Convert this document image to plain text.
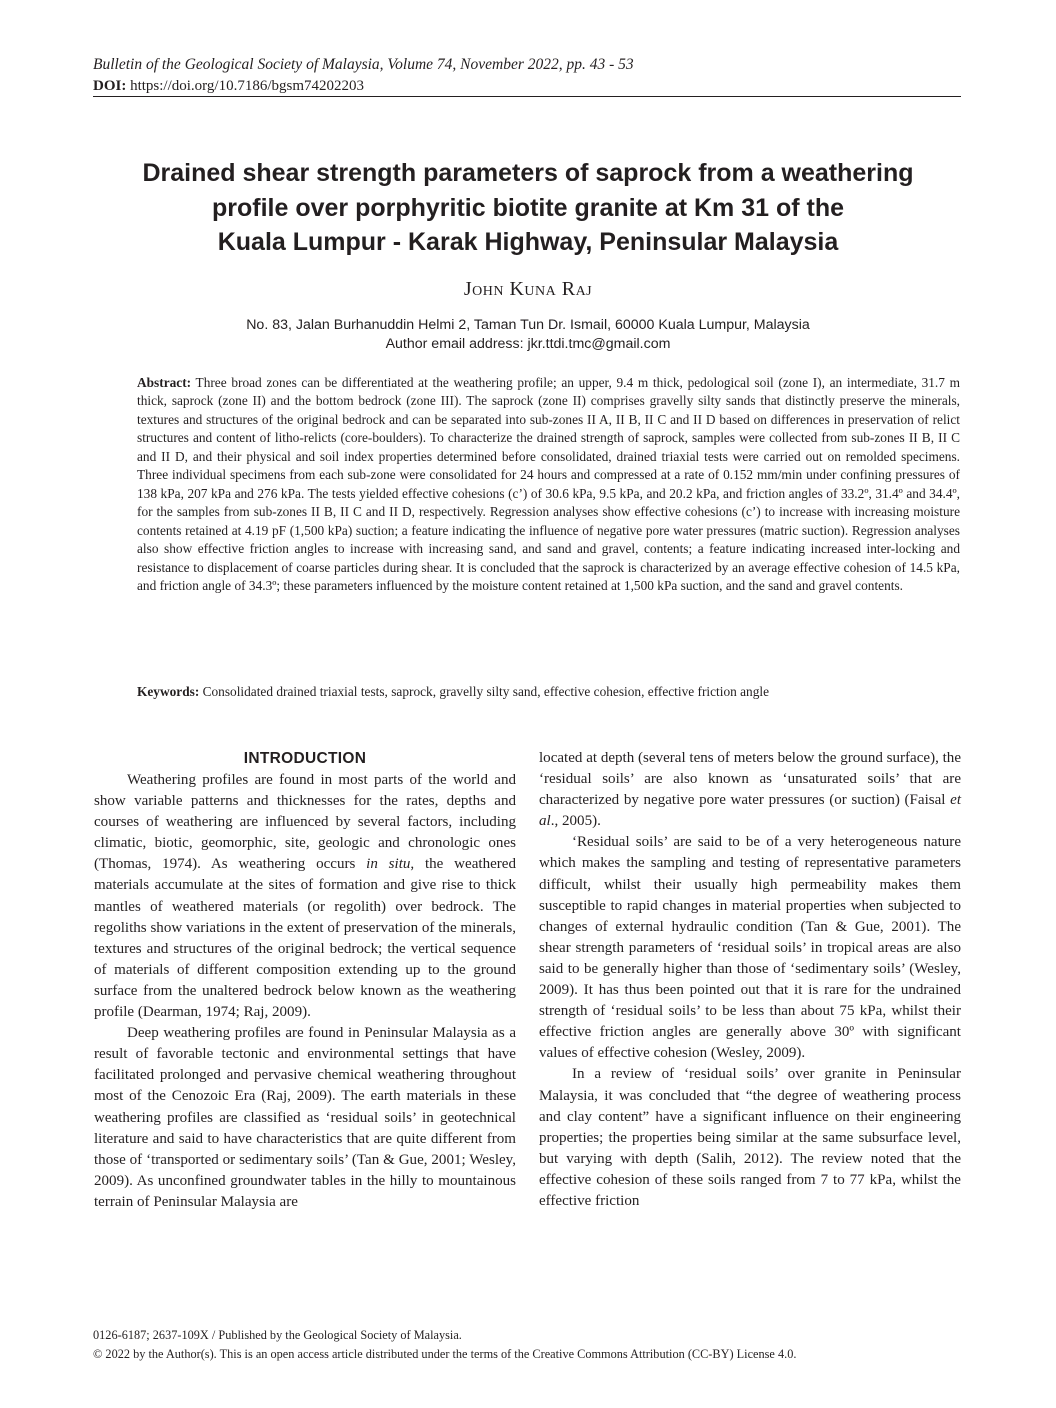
Bulletin of the Geological Society of Malaysia, Volume 74, November 2022, pp. 43 - 53
DOI: https://doi.org/10.7186/bgsm74202203
Drained shear strength parameters of saprock from a weathering
profile over porphyritic biotite granite at Km 31 of the
Kuala Lumpur - Karak Highway, Peninsular Malaysia
John Kuna Raj
No. 83, Jalan Burhanuddin Helmi 2, Taman Tun Dr. Ismail, 60000 Kuala Lumpur, Malaysia
Author email address: jkr.ttdi.tmc@gmail.com

Abstract: Three broad zones can be differentiated at the weathering profile; an upper, 9.4 m thick, pedological soil (zone I), an intermediate, 31.7 m thick, saprock (zone II) and the bottom bedrock (zone III). The saprock (zone II) comprises gravelly silty sands that distinctly preserve the minerals, textures and structures of the original bedrock and can be separated into sub-zones II A, II B, II C and II D based on differences in preservation of relict structures and content of litho-relicts (core-boulders). To characterize the drained strength of saprock, samples were collected from sub-zones II B, II C and II D, and their physical and soil index properties determined before consolidated, drained triaxial tests were carried out on remolded specimens. Three individual specimens from each sub-zone were consolidated for 24 hours and compressed at a rate of 0.152 mm/min under confining pressures of 138 kPa, 207 kPa and 276 kPa. The tests yielded effective cohesions (c’) of 30.6 kPa, 9.5 kPa, and 20.2 kPa, and friction angles of 33.2º, 31.4º and 34.4º, for the samples from sub-zones II B, II C and II D, respectively. Regression analyses show effective cohesions (c’) to increase with increasing moisture contents retained at 4.19 pF (1,500 kPa) suction; a feature indicating the influence of negative pore water pressures (matric suction). Regression analyses also show effective friction angles to increase with increasing sand, and sand and gravel, contents; a feature indicating increased inter-locking and resistance to displacement of coarse particles during shear. It is concluded that the saprock is characterized by an average effective cohesion of 14.5 kPa, and friction angle of 34.3º; these parameters influenced by the moisture content retained at 1,500 kPa suction, and the sand and gravel contents.

Keywords: Consolidated drained triaxial tests, saprock, gravelly silty sand, effective cohesion, effective friction angle

INTRODUCTION

Weathering profiles are found in most parts of the world and show variable patterns and thicknesses for the rates, depths and courses of weathering are influenced by several factors, including climatic, biotic, geomorphic, site, geologic and chronologic ones (Thomas, 1974). As weathering occurs in situ, the weathered materials accumulate at the sites of formation and give rise to thick mantles of weathered materials (or regolith) over bedrock. The regoliths show variations in the extent of preservation of the minerals, textures and structures of the original bedrock; the vertical sequence of materials of different composition extending up to the ground surface from the unaltered bedrock below known as the weathering profile (Dearman, 1974; Raj, 2009).

Deep weathering profiles are found in Peninsular Malaysia as a result of favorable tectonic and environmental settings that have facilitated prolonged and pervasive chemical weathering throughout most of the Cenozoic Era (Raj, 2009). The earth materials in these weathering profiles are classified as ‘residual soils’ in geotechnical literature and said to have characteristics that are quite different from those of ‘transported or sedimentary soils’ (Tan & Gue, 2001; Wesley, 2009). As unconfined groundwater tables in the hilly to mountainous terrain of Peninsular Malaysia are

located at depth (several tens of meters below the ground surface), the ‘residual soils’ are also known as ‘unsaturated soils’ that are characterized by negative pore water pressures (or suction) (Faisal et al., 2005).

‘Residual soils’ are said to be of a very heterogeneous nature which makes the sampling and testing of representative parameters difficult, whilst their usually high permeability makes them susceptible to rapid changes in material properties when subjected to changes of external hydraulic condition (Tan & Gue, 2001). The shear strength parameters of ‘residual soils’ in tropical areas are also said to be generally higher than those of ‘sedimentary soils’ (Wesley, 2009). It has thus been pointed out that it is rare for the undrained strength of ‘residual soils’ to be less than about 75 kPa, whilst their effective friction angles are generally above 30º with significant values of effective cohesion (Wesley, 2009).

In a review of ‘residual soils’ over granite in Peninsular Malaysia, it was concluded that “the degree of weathering process and clay content” have a significant influence on their engineering properties; the properties being similar at the same subsurface level, but varying with depth (Salih, 2012). The review noted that the effective cohesion of these soils ranged from 7 to 77 kPa, whilst the effective friction

0126-6187; 2637-109X / Published by the Geological Society of Malaysia.
© 2022 by the Author(s). This is an open access article distributed under the terms of the Creative Commons Attribution (CC-BY) License 4.0.
